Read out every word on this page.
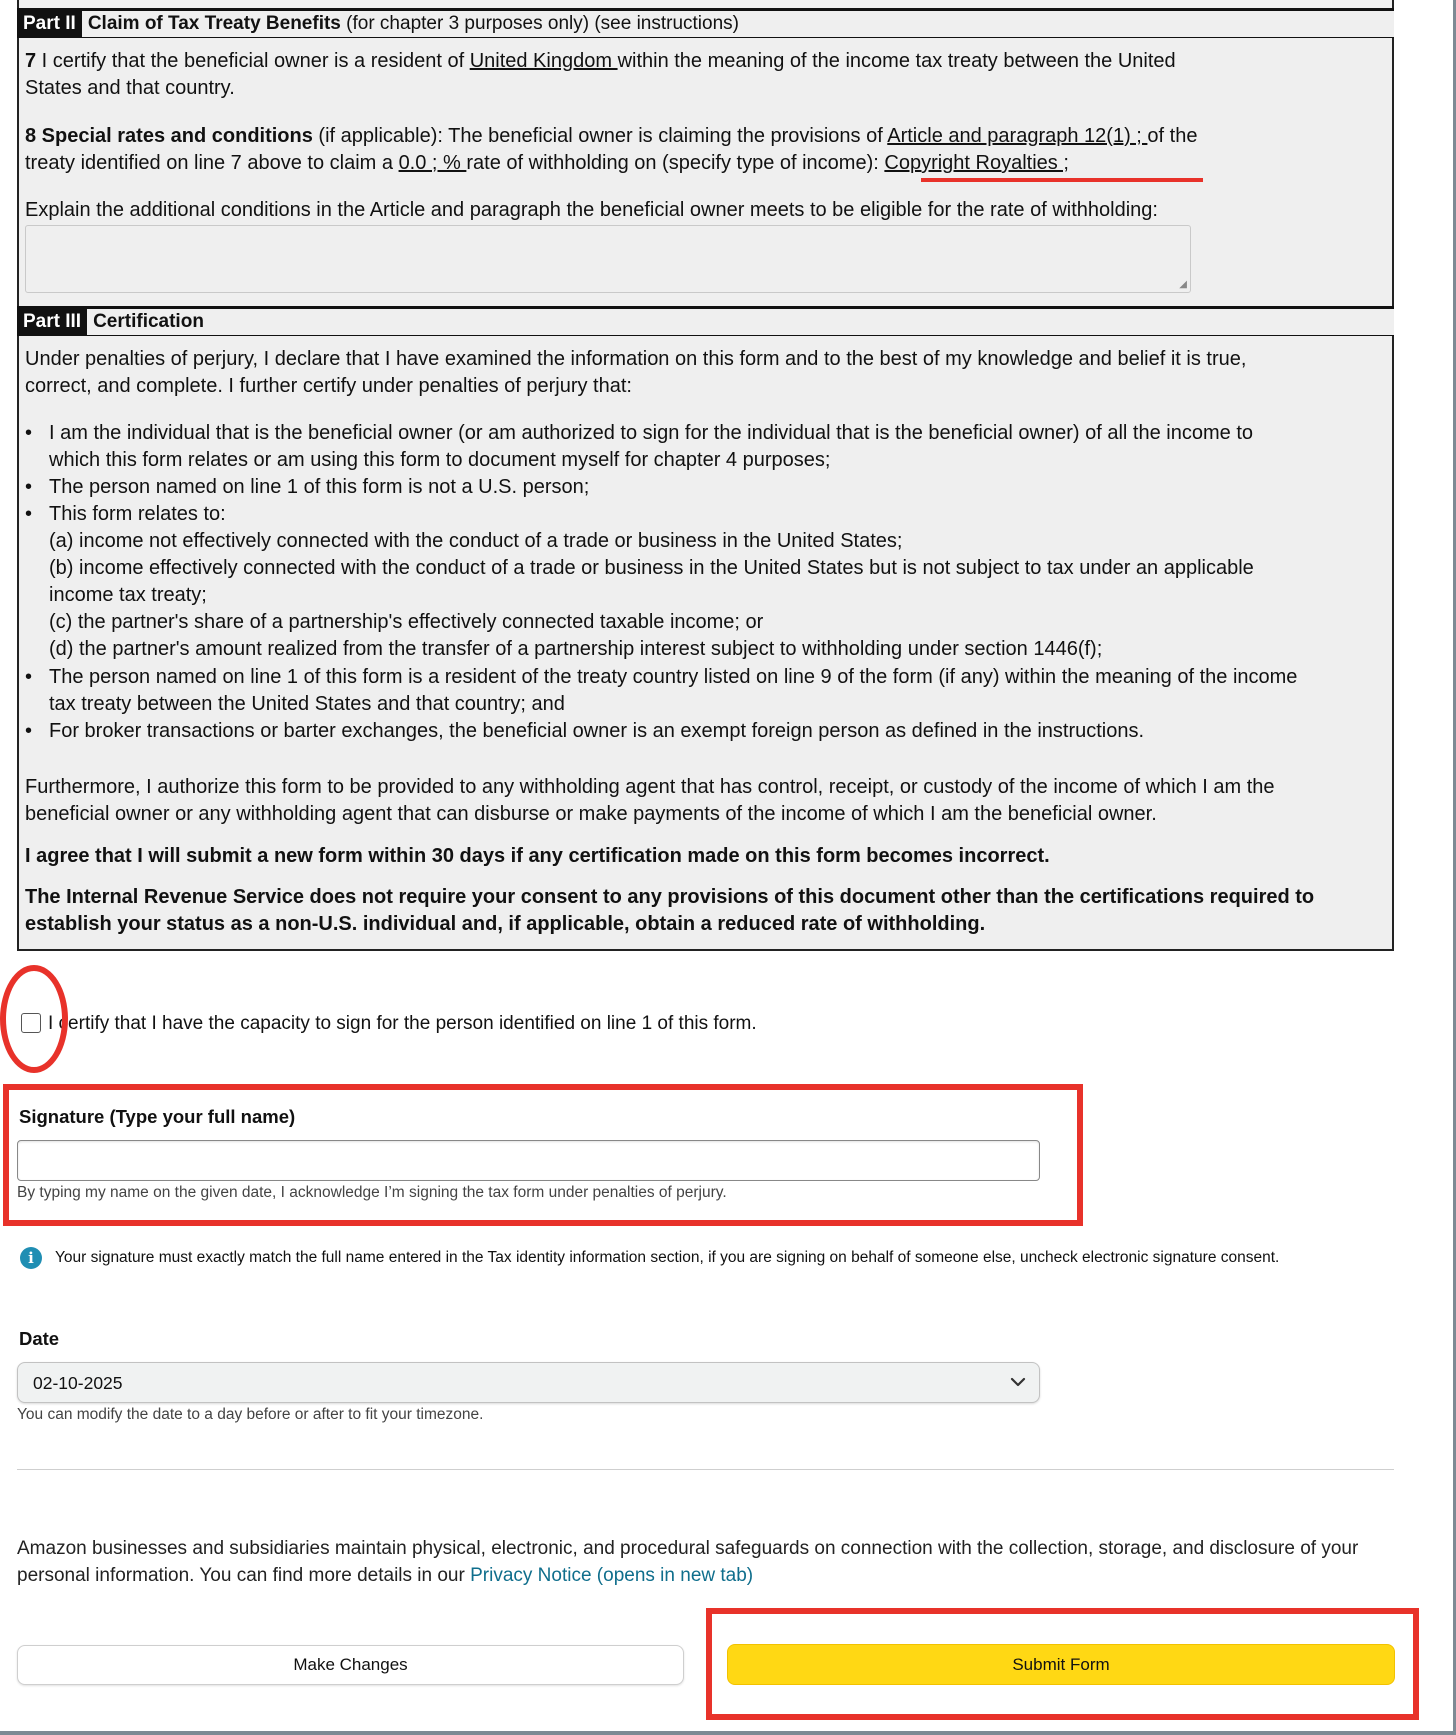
Part II Claim of Tax Treaty Benefits (for chapter 3 purposes only) (see instructions)
7 I certify that the beneficial owner is a resident of United Kingdom within the meaning of the income tax treaty between the United
States and that country.
8 Special rates and conditions (if applicable): The beneficial owner is claiming the provisions of Article and paragraph 12(1) ; of the
treaty identified on line 7 above to claim a 0.0 ; % rate of withholding on (specify type of income): Copyright Royalties ;
Explain the additional conditions in the Article and paragraph the beneficial owner meets to be eligible for the rate of withholding:
◢
Part III Certification
Under penalties of perjury, I declare that I have examined the information on this form and to the best of my knowledge and belief it is true,
correct, and complete. I further certify under penalties of perjury that:
•
•
•
•
•
I am the individual that is the beneficial owner (or am authorized to sign for the individual that is the beneficial owner) of all the income to
which this form relates or am using this form to document myself for chapter 4 purposes;
The person named on line 1 of this form is not a U.S. person;
This form relates to:
(a) income not effectively connected with the conduct of a trade or business in the United States;
(b) income effectively connected with the conduct of a trade or business in the United States but is not subject to tax under an applicable
income tax treaty;
(c) the partner's share of a partnership's effectively connected taxable income; or
(d) the partner's amount realized from the transfer of a partnership interest subject to withholding under section 1446(f);
The person named on line 1 of this form is a resident of the treaty country listed on line 9 of the form (if any) within the meaning of the income
tax treaty between the United States and that country; and
For broker transactions or barter exchanges, the beneficial owner is an exempt foreign person as defined in the instructions.
Furthermore, I authorize this form to be provided to any withholding agent that has control, receipt, or custody of the income of which I am the
beneficial owner or any withholding agent that can disburse or make payments of the income of which I am the beneficial owner.
I agree that I will submit a new form within 30 days if any certification made on this form becomes incorrect.
The Internal Revenue Service does not require your consent to any provisions of this document other than the certifications required to
establish your status as a non-U.S. individual and, if applicable, obtain a reduced rate of withholding.
I certify that I have the capacity to sign for the person identified on line 1 of this form.
Signature (Type your full name)
By typing my name on the given date, I acknowledge I’m signing the tax form under penalties of perjury.
i	Your signature must exactly match the full name entered in the Tax identity information section, if you are signing on behalf of someone else, uncheck electronic signature consent.
Date
02-10-2025
You can modify the date to a day before or after to fit your timezone.
Amazon businesses and subsidiaries maintain physical, electronic, and procedural safeguards on connection with the collection, storage, and disclosure of your
personal information. You can find more details in our Privacy Notice (opens in new tab)
Make Changes	Submit Form
